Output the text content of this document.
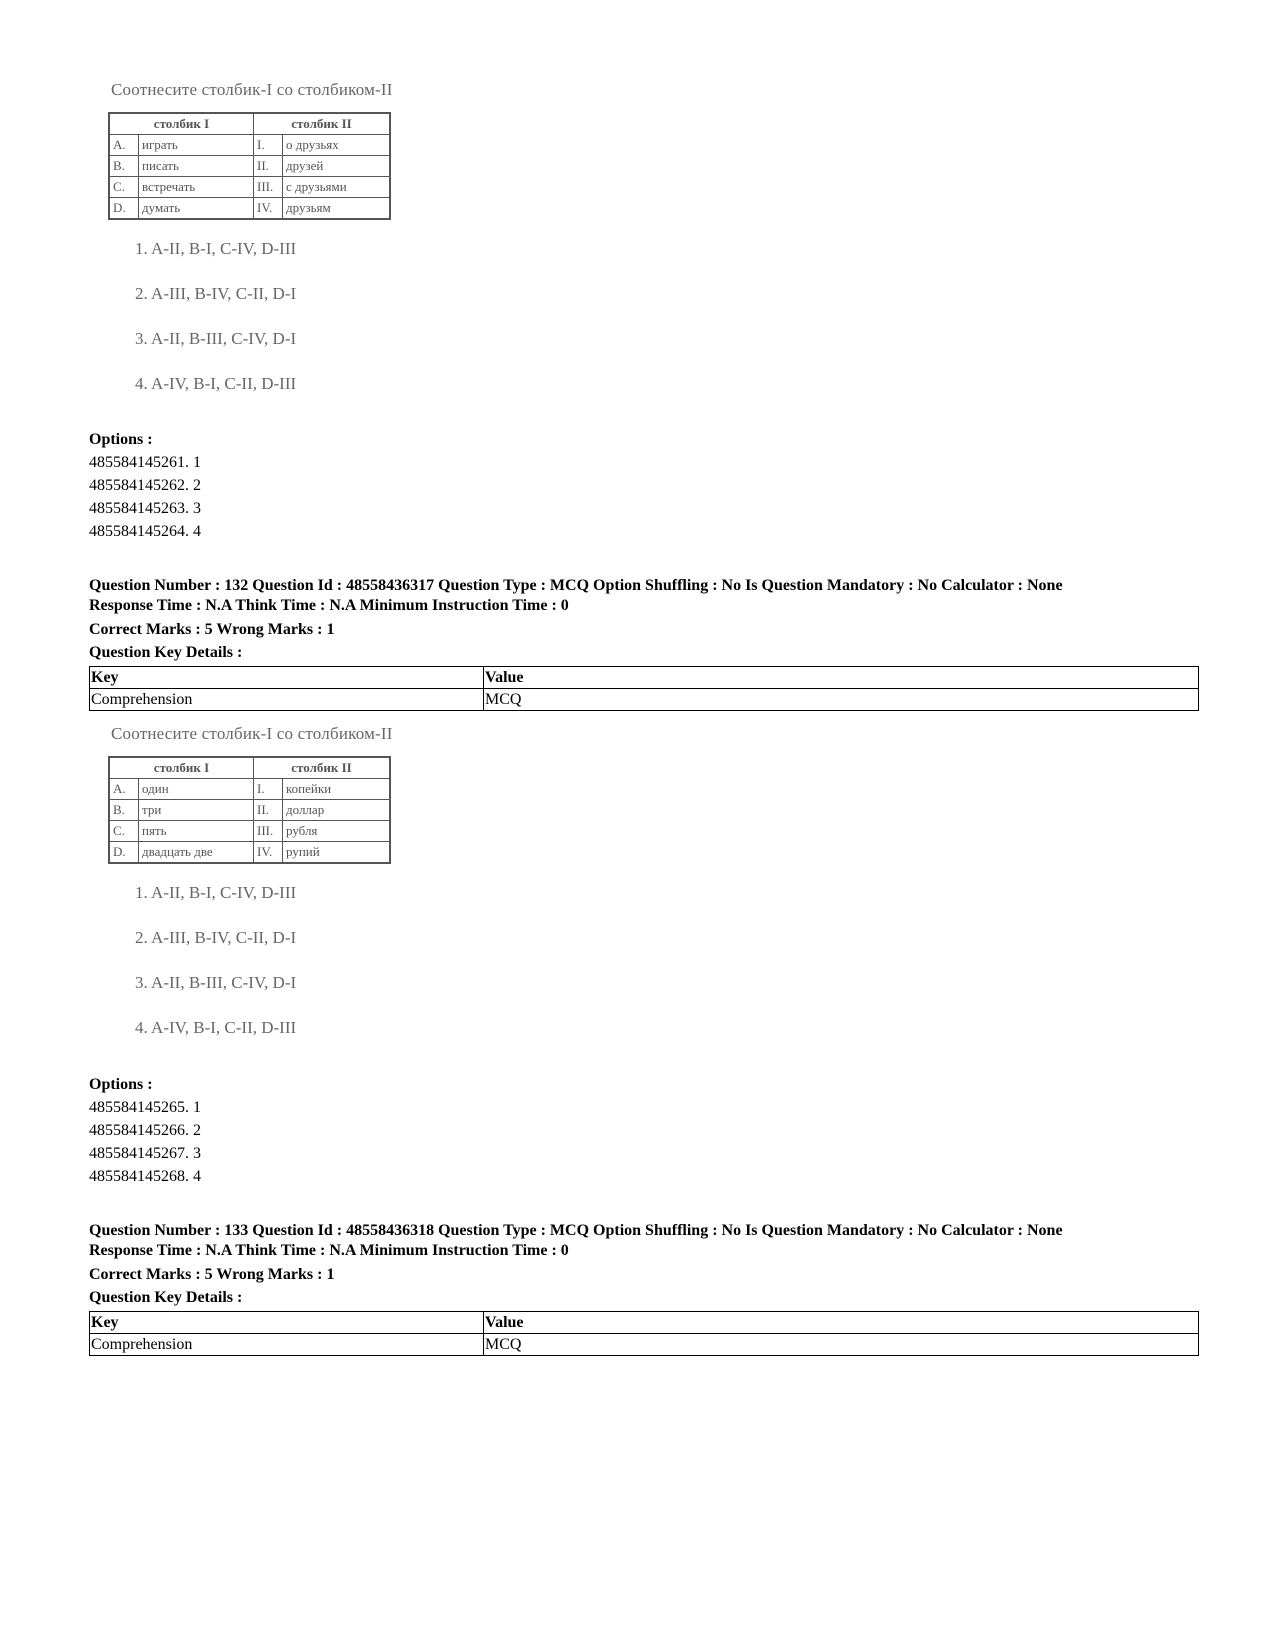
Соотнесите столбик-I со столбиком-II
столбик I		столбик II	
A.	играть	I.	о друзьях
B.	писать	II.	друзей
C.	встречать	III.	с друзьями
D.	думать	IV.	друзьям
1. A-II, B-I, C-IV, D-III
2. A-III, B-IV, C-II, D-I
3. A-II, B-III, C-IV, D-I
4. A-IV, B-I, C-II, D-III
Options :
485584145261. 1
485584145262. 2
485584145263. 3
485584145264. 4
Question Number : 132 Question Id : 48558436317 Question Type : MCQ Option Shuffling : No Is Question Mandatory : No Calculator : None
Response Time : N.A Think Time : N.A Minimum Instruction Time : 0
Correct Marks : 5 Wrong Marks : 1
Question Key Details :
Key	Value
Comprehension	MCQ
Соотнесите столбик-I со столбиком-II
столбик I		столбик II	
A.	один	I.	копейки
B.	три	II.	доллар
C.	пять	III.	рубля
D.	двадцать две	IV.	рупий
1. A-II, B-I, C-IV, D-III
2. A-III, B-IV, C-II, D-I
3. A-II, B-III, C-IV, D-I
4. A-IV, B-I, C-II, D-III
Options :
485584145265. 1
485584145266. 2
485584145267. 3
485584145268. 4
Question Number : 133 Question Id : 48558436318 Question Type : MCQ Option Shuffling : No Is Question Mandatory : No Calculator : None
Response Time : N.A Think Time : N.A Minimum Instruction Time : 0
Correct Marks : 5 Wrong Marks : 1
Question Key Details :
Key	Value
Comprehension	MCQ
